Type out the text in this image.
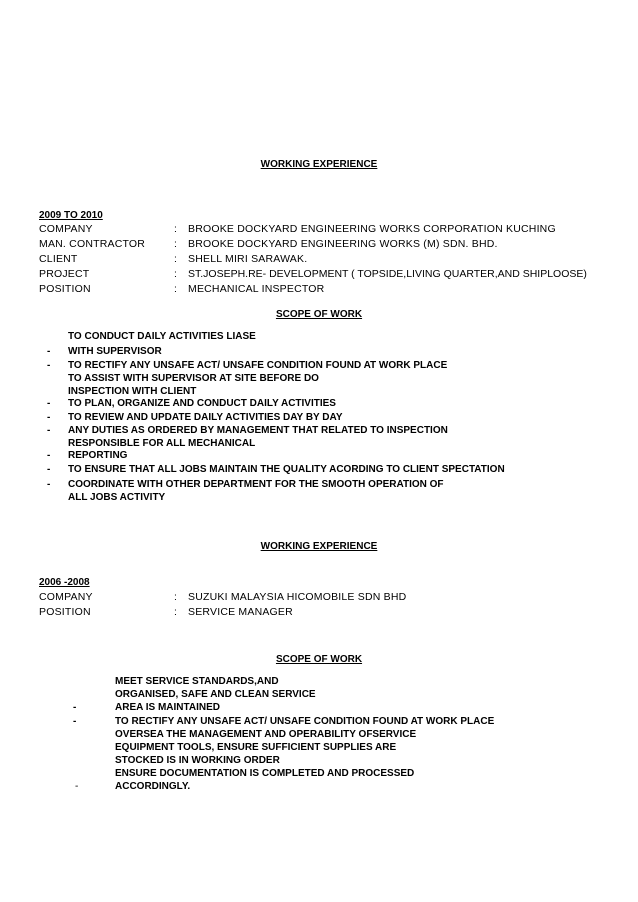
WORKING EXPERIENCE
2009 TO 2010
COMPANY	: BROOKE DOCKYARD ENGINEERING WORKS CORPORATION KUCHING
MAN. CONTRACTOR	: BROOKE DOCKYARD ENGINEERING WORKS (M) SDN. BHD.
CLIENT	: SHELL MIRI SARAWAK.
PROJECT	: ST.JOSEPH.RE- DEVELOPMENT ( TOPSIDE,LIVING QUARTER,AND SHIPLOOSE)
POSITION	: MECHANICAL INSPECTOR
SCOPE OF WORK
TO CONDUCT DAILY ACTIVITIES LIASE
- WITH SUPERVISOR
- TO RECTIFY ANY UNSAFE ACT/ UNSAFE CONDITION FOUND AT WORK PLACE
TO ASSIST WITH SUPERVISOR AT SITE BEFORE DO
INSPECTION WITH CLIENT
- TO PLAN, ORGANIZE AND CONDUCT DAILY ACTIVITIES
- TO REVIEW AND UPDATE DAILY ACTIVITIES DAY BY DAY
- ANY DUTIES AS ORDERED BY MANAGEMENT THAT RELATED TO INSPECTION
RESPONSIBLE FOR ALL MECHANICAL
- REPORTING
- TO ENSURE THAT ALL JOBS MAINTAIN THE QUALITY ACORDING TO CLIENT SPECTATION
- COORDINATE WITH OTHER DEPARTMENT FOR THE SMOOTH OPERATION OF
ALL JOBS ACTIVITY
WORKING EXPERIENCE
2006 -2008
COMPANY	: SUZUKI MALAYSIA HICOMOBILE SDN BHD
POSITION	: SERVICE MANAGER
SCOPE OF WORK
MEET SERVICE STANDARDS,AND
ORGANISED, SAFE AND CLEAN SERVICE
-	AREA IS MAINTAINED
-	TO RECTIFY ANY UNSAFE ACT/ UNSAFE CONDITION FOUND AT WORK PLACE
OVERSEA THE MANAGEMENT AND OPERABILITY OFSERVICE
EQUIPMENT TOOLS, ENSURE SUFFICIENT SUPPLIES ARE
STOCKED IS IN WORKING ORDER
ENSURE DOCUMENTATION IS COMPLETED AND PROCESSED
-	ACCORDINGLY.
